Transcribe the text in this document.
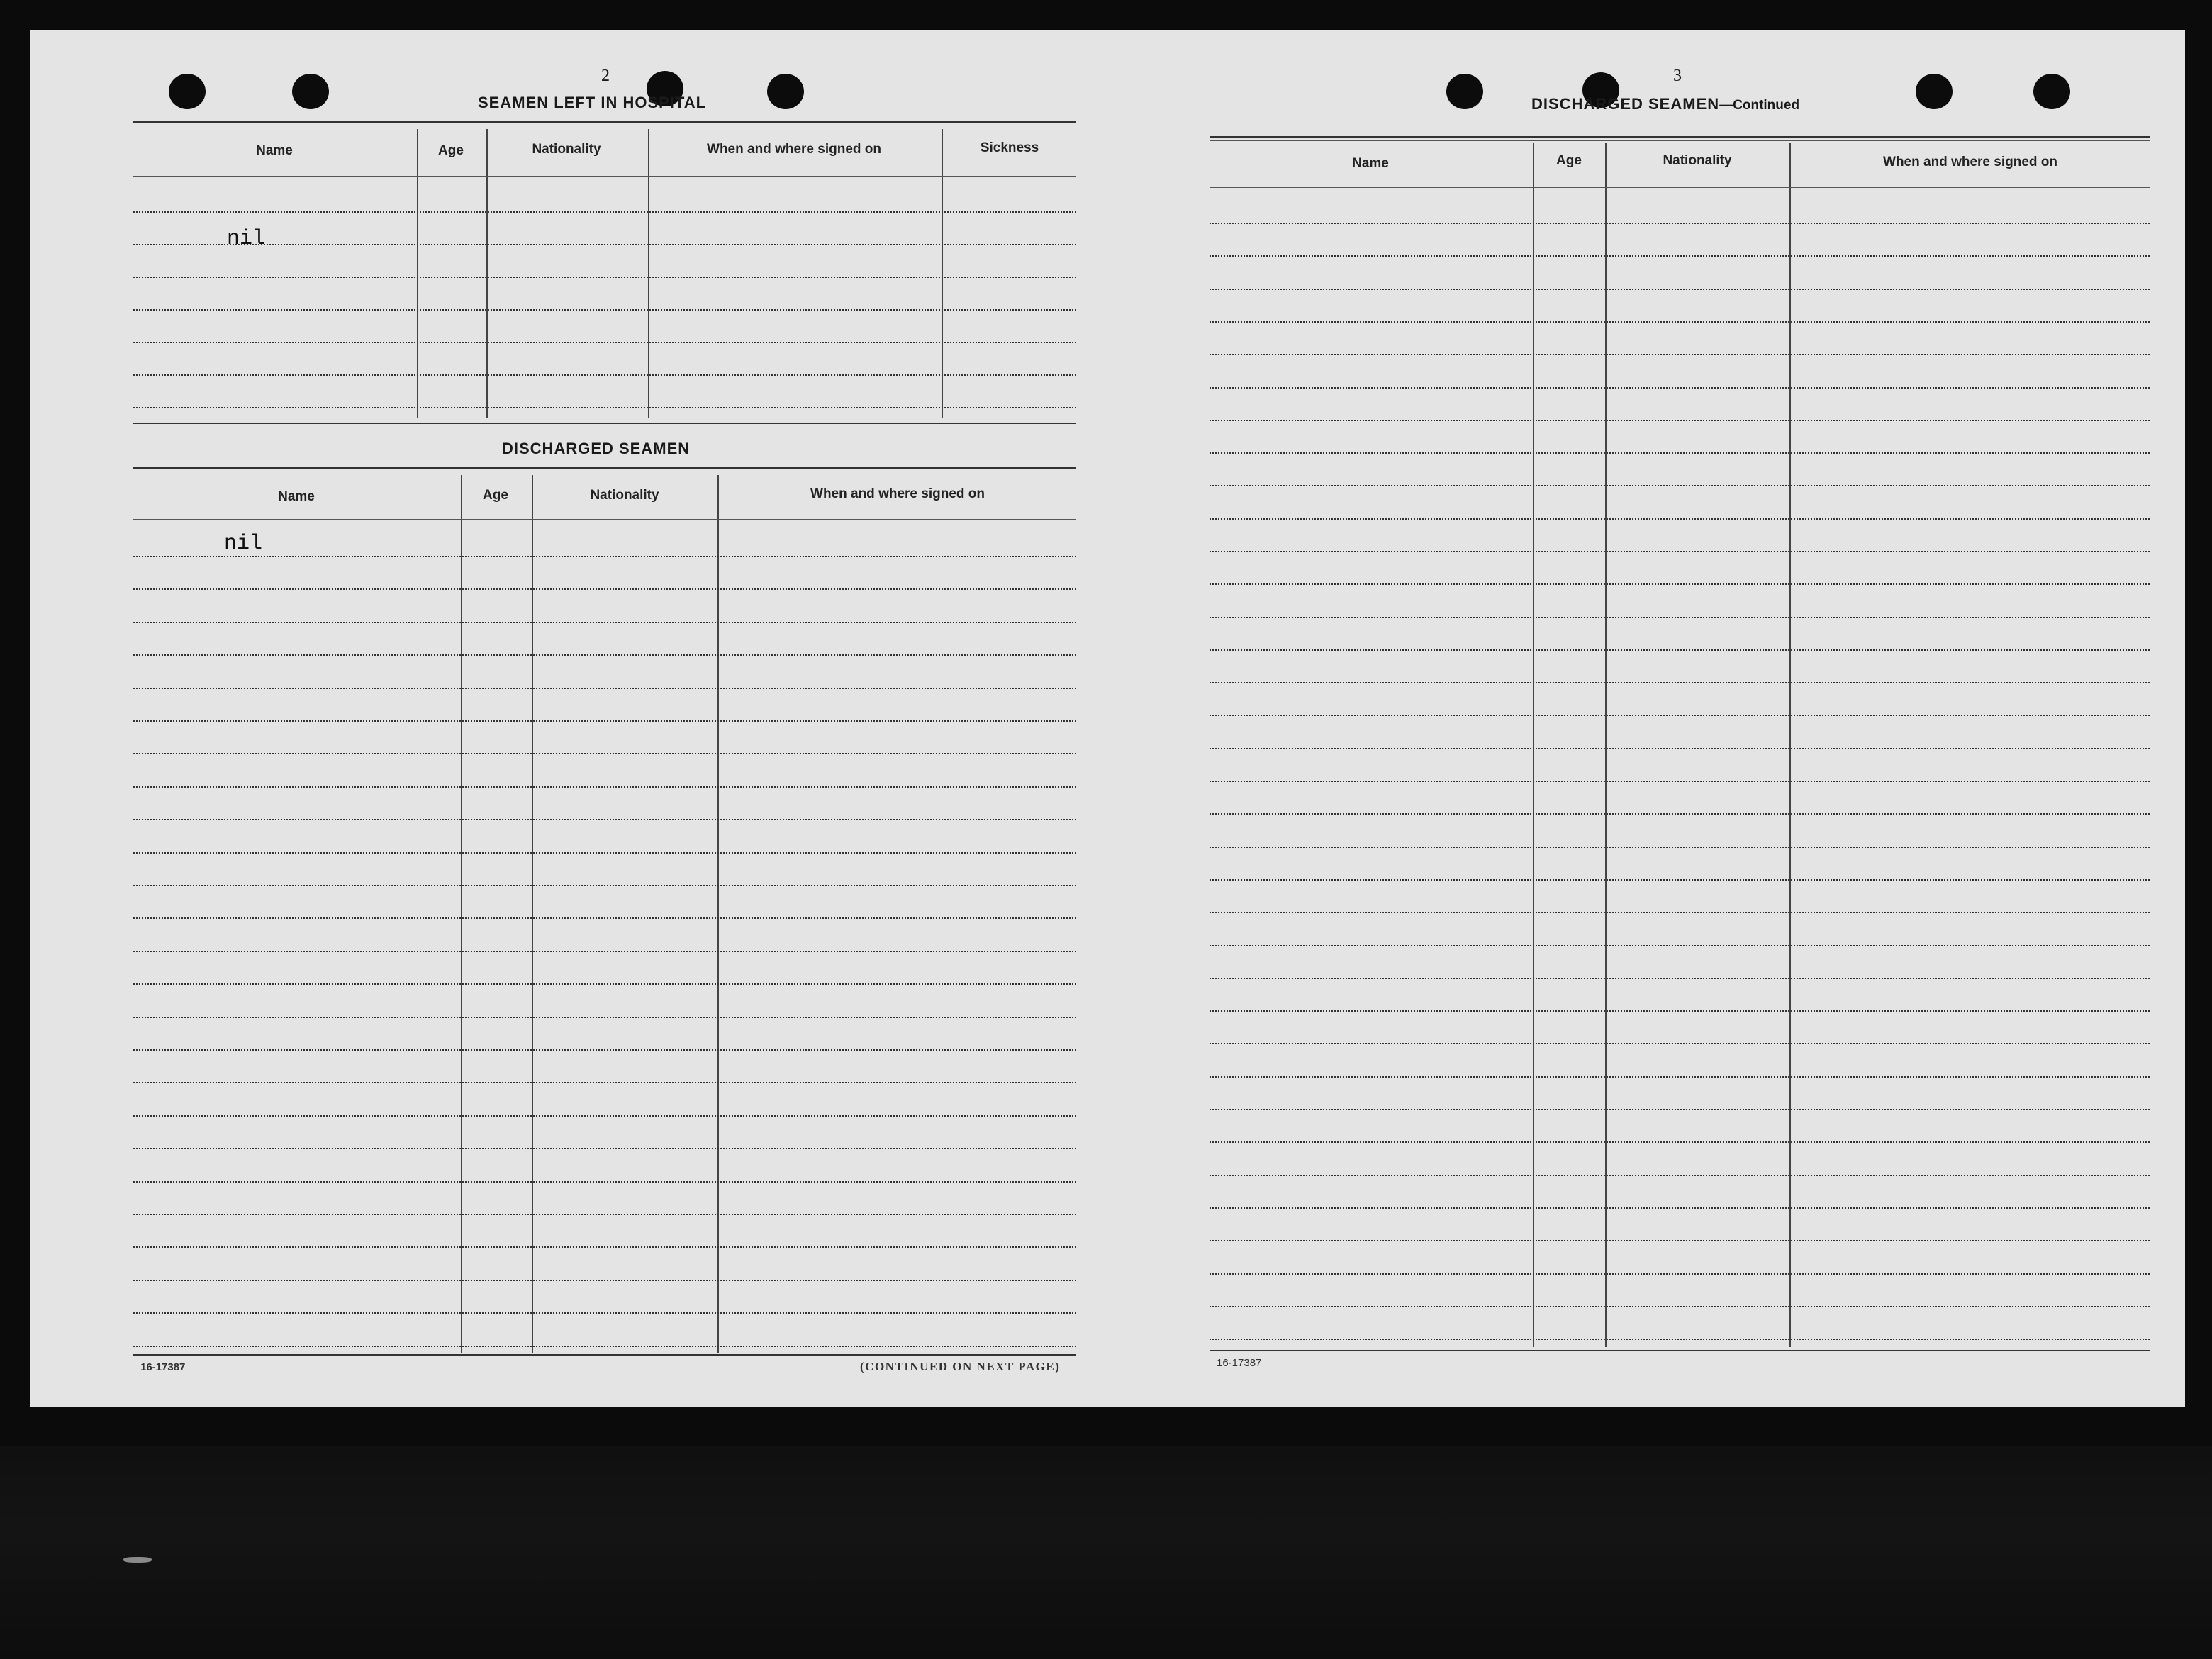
2
SEAMEN LEFT IN HOSPITAL
Name	Age	Nationality	When and where signed on	Sickness
nil
DISCHARGED SEAMEN
Name	Age	Nationality	When and where signed on
nil
16-17387	(CONTINUED ON NEXT PAGE)
3
DISCHARGED SEAMEN—Continued
Name	Age	Nationality	When and where signed on
16-17387
